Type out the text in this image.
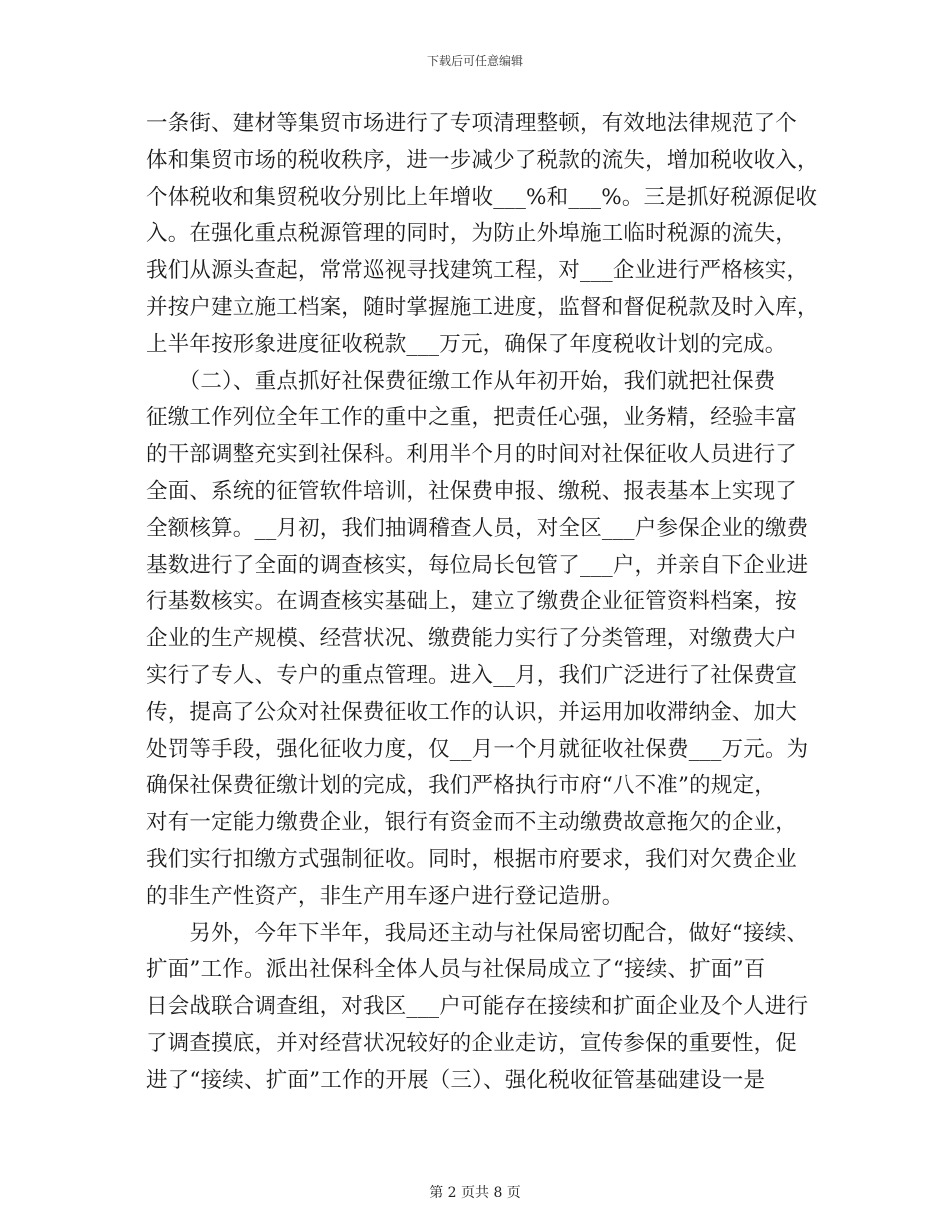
下载后可任意编辑
一条街、建材等集贸市场进行了专项清理整顿，有效地法律规范了个
体和集贸市场的税收秩序，进一步减少了税款的流失，增加税收收入，
个体税收和集贸税收分别比上年增收___%和___%。三是抓好税源促收
入。在强化重点税源管理的同时，为防止外埠施工临时税源的流失，
我们从源头查起，常常巡视寻找建筑工程，对___企业进行严格核实，
并按户建立施工档案，随时掌握施工进度，监督和督促税款及时入库，
上半年按形象进度征收税款___万元，确保了年度税收计划的完成。
　　（二）、重点抓好社保费征缴工作从年初开始，我们就把社保费
征缴工作列位全年工作的重中之重，把责任心强，业务精，经验丰富
的干部调整充实到社保科。利用半个月的时间对社保征收人员进行了
全面、系统的征管软件培训，社保费申报、缴税、报表基本上实现了
全额核算。__月初，我们抽调稽查人员，对全区___户参保企业的缴费
基数进行了全面的调查核实，每位局长包管了___户，并亲自下企业进
行基数核实。在调查核实基础上，建立了缴费企业征管资料档案，按
企业的生产规模、经营状况、缴费能力实行了分类管理，对缴费大户
实行了专人、专户的重点管理。进入__月，我们广泛进行了社保费宣
传，提高了公众对社保费征收工作的认识，并运用加收滞纳金、加大
处罚等手段，强化征收力度，仅__月一个月就征收社保费___万元。为
确保社保费征缴计划的完成，我们严格执行市府“八不准”的规定，
对有一定能力缴费企业，银行有资金而不主动缴费故意拖欠的企业，
我们实行扣缴方式强制征收。同时，根据市府要求，我们对欠费企业
的非生产性资产，非生产用车逐户进行登记造册。
　　另外，今年下半年，我局还主动与社保局密切配合，做好“接续、
扩面”工作。派出社保科全体人员与社保局成立了“接续、扩面”百
日会战联合调查组，对我区___户可能存在接续和扩面企业及个人进行
了调查摸底，并对经营状况较好的企业走访，宣传参保的重要性，促
进了“接续、扩面”工作的开展（三）、强化税收征管基础建设一是
第 2 页共 8 页
